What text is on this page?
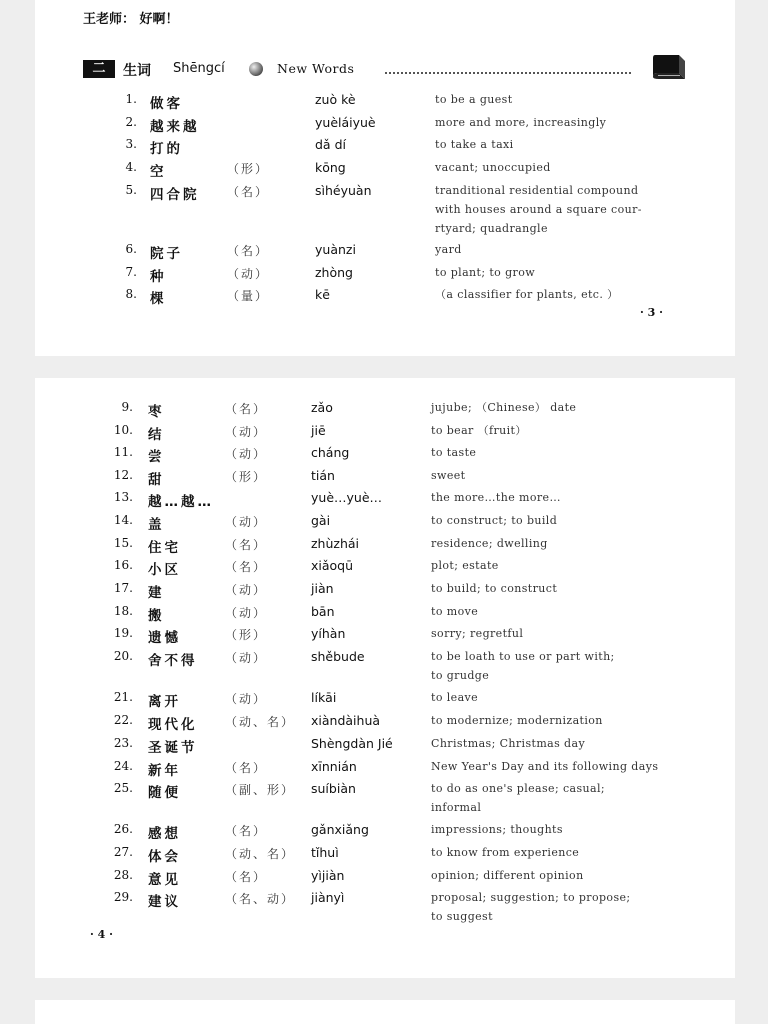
王老师： 好啊！
二	生词 Shēngcí	New Words
1. 做客	zuò kè	to be a guest
2. 越来越	yuèláiyuè	more and more, increasingly
3. 打的	dǎ dí	to take a taxi
4. 空	（形）	kōng	vacant; unoccupied
5. 四合院 （名）	sìhéyuàn	tranditional residential compound
with houses around a square cour-
rtyard; quadrangle
6. 院子	（名）	yuànzi	yard
7. 种	（动）	zhòng	to plant; to grow
8. 棵	（量）	kē	（a classifier for plants, etc. ）
· 3 ·
9. 枣	（名）	zǎo	jujube; （Chinese） date
10. 结	（动）	jiē	to bear （fruit）
11. 尝	（动）	cháng	to taste
12. 甜	（形）	tián	sweet
13. 越…越…	yuè…yuè…	the more…the more…
14. 盖	（动）	gài	to construct; to build
15. 住宅	（名）	zhùzhái	residence; dwelling
16. 小区	（名）	xiǎoqū	plot; estate
17. 建	（动）	jiàn	to build; to construct
18. 搬	（动）	bān	to move
19. 遗憾	（形）	yíhàn	sorry; regretful
20. 舍不得 （动）	shěbude	to be loath to use or part with;
to grudge
21. 离开	（动）	líkāi	to leave
22. 现代化 （动、名） xiàndàihuà	to modernize; modernization
23. 圣诞节	Shèngdàn Jié	Christmas; Christmas day
24. 新年	（名）	xīnnián	New Year's Day and its following days
25. 随便	（副、形） suíbiàn	to do as one's please; casual;
informal
26. 感想	（名）	gǎnxiǎng	impressions; thoughts
27. 体会	（动、名） tǐhuì	to know from experience
28. 意见	（名）	yìjiàn	opinion; different opinion
29. 建议	（名、动） jiànyì	proposal; suggestion; to propose;
to suggest
· 4 ·
